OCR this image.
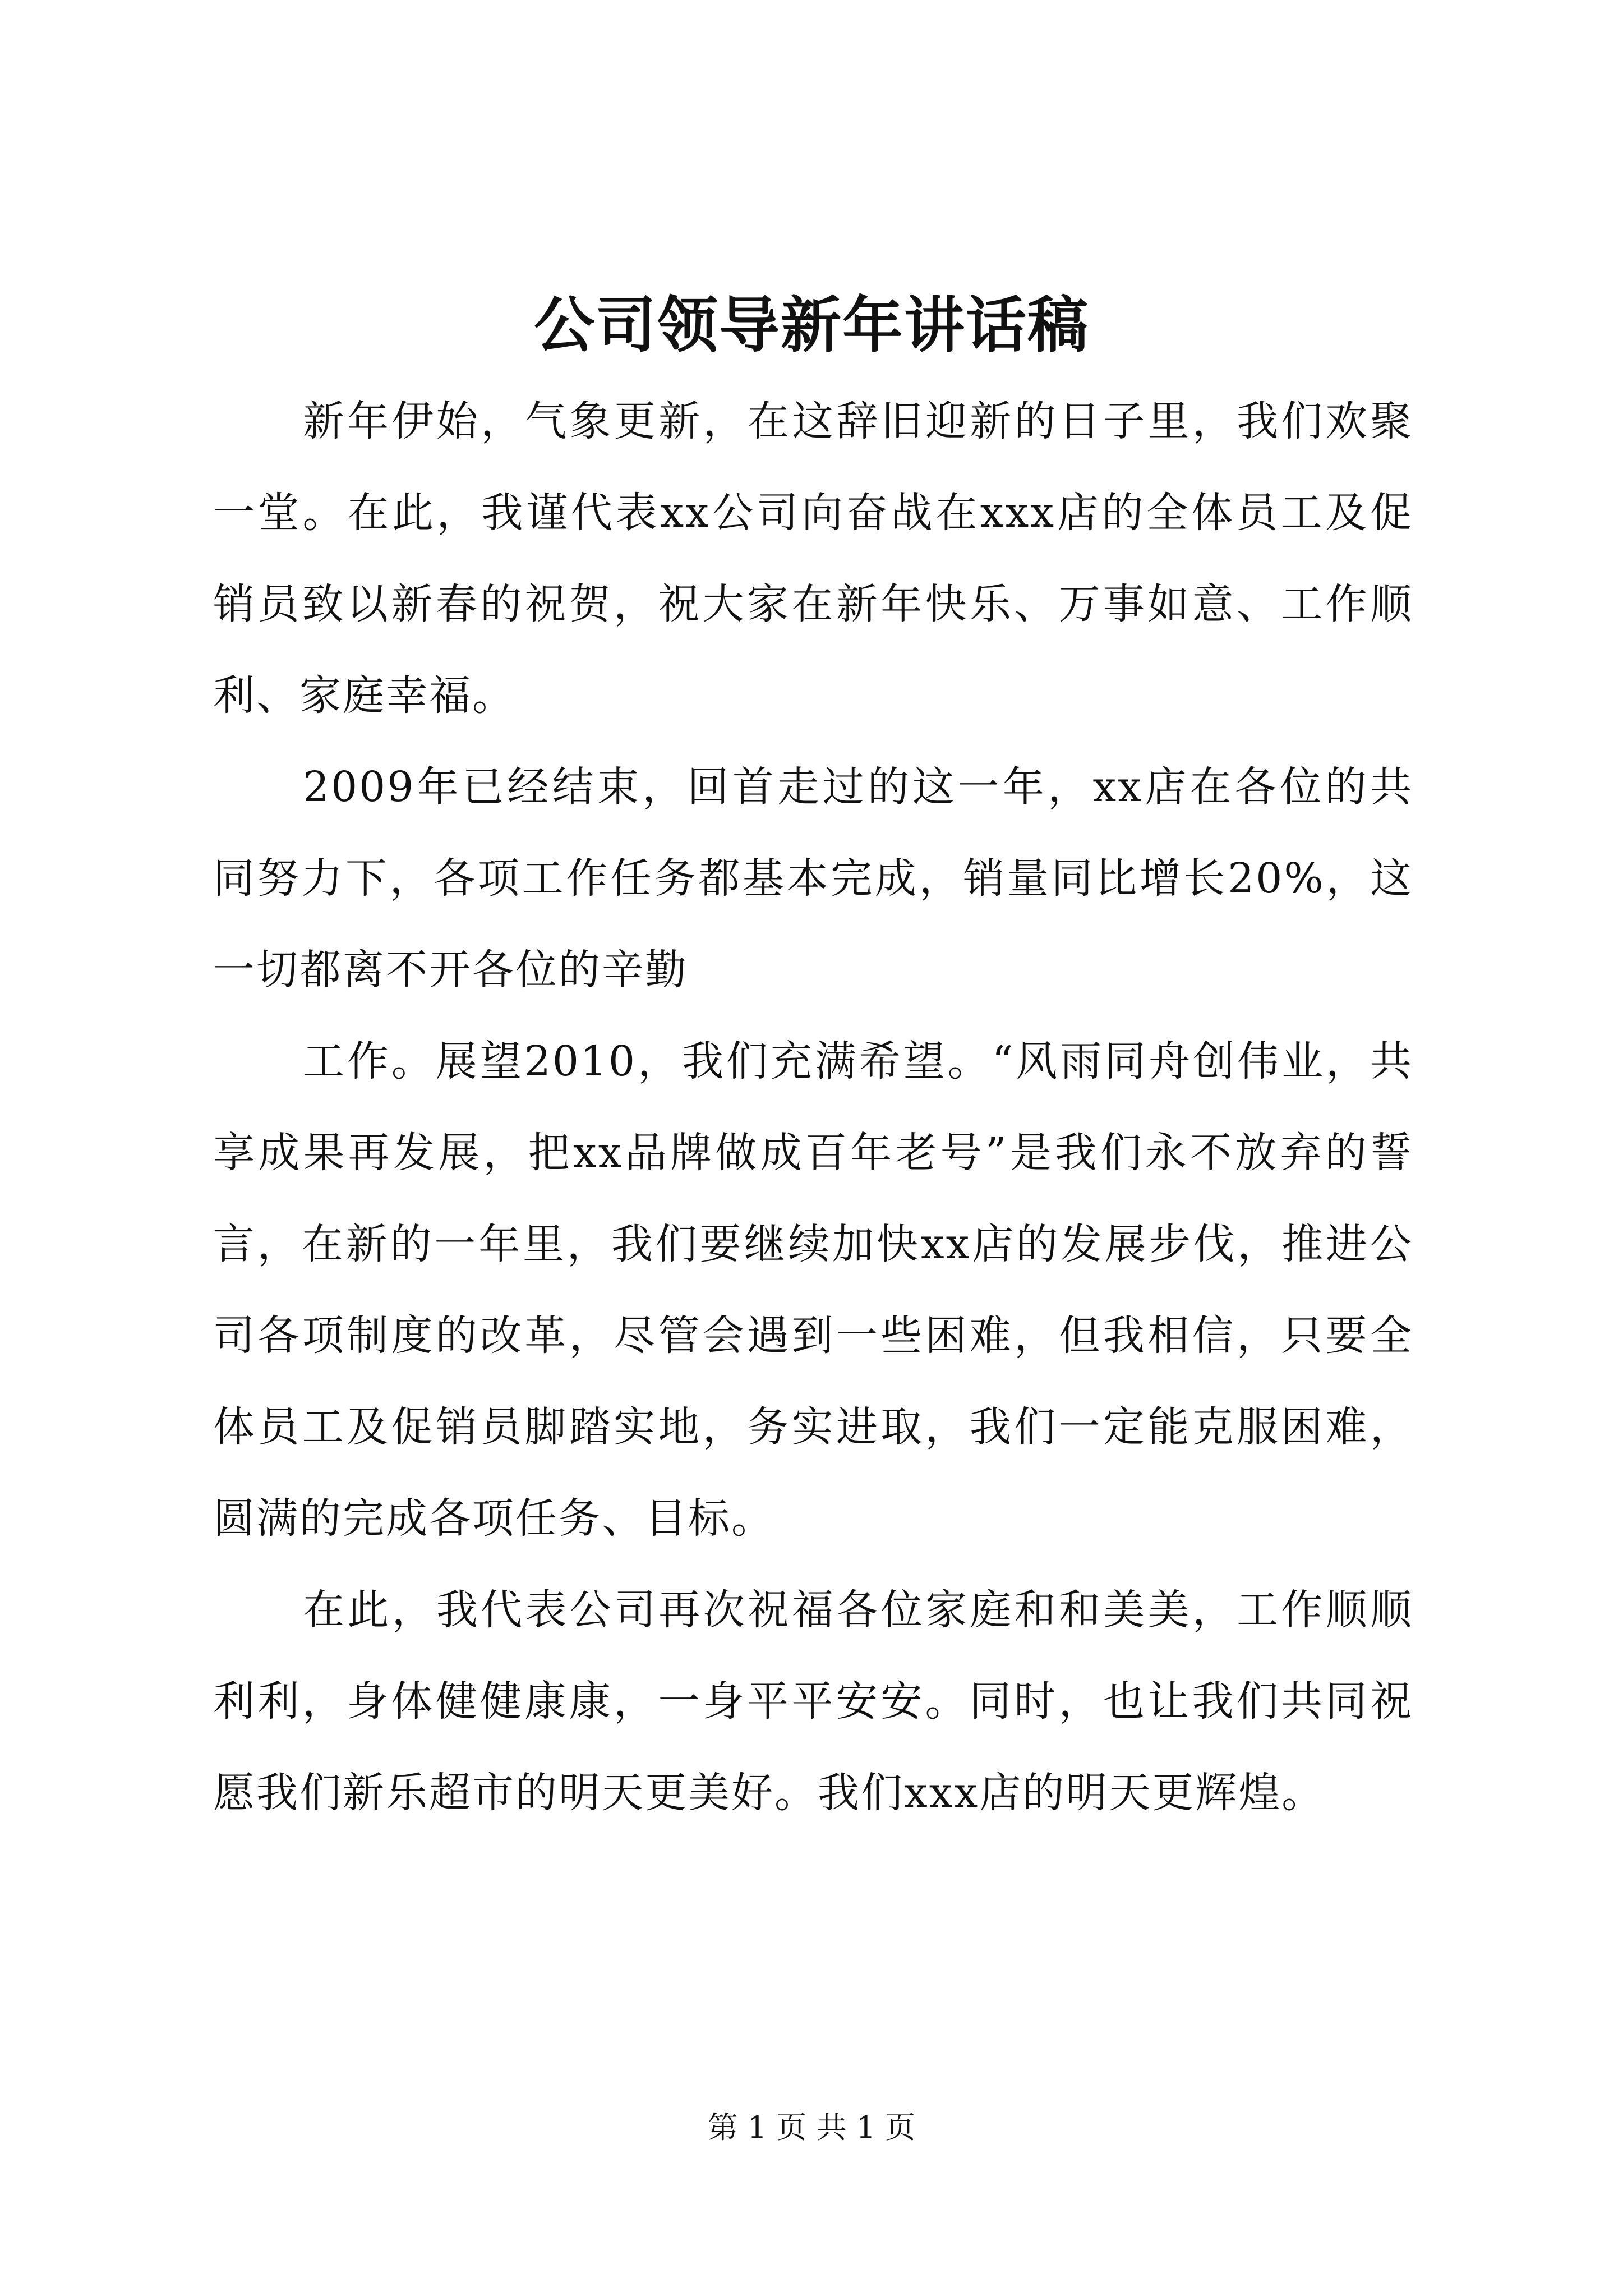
公司领导新年讲话稿

新年伊始，气象更新，在这辞旧迎新的日子里，我们欢聚一堂。在此，我谨代表xx公司向奋战在xxx店的全体员工及促销员致以新春的祝贺，祝大家在新年快乐、万事如意、工作顺利、家庭幸福。

2009年已经结束，回首走过的这一年，xx店在各位的共同努力下，各项工作任务都基本完成，销量同比增长20%，这一切都离不开各位的辛勤

工作。展望2010，我们充满希望。“风雨同舟创伟业，共享成果再发展，把xx品牌做成百年老号”是我们永不放弃的誓言，在新的一年里，我们要继续加快xx店的发展步伐，推进公司各项制度的改革，尽管会遇到一些困难，但我相信，只要全体员工及促销员脚踏实地，务实进取，我们一定能克服困难，圆满的完成各项任务、目标。

在此，我代表公司再次祝福各位家庭和和美美，工作顺顺利利，身体健健康康，一身平平安安。同时，也让我们共同祝愿我们新乐超市的明天更美好。我们xxx店的明天更辉煌。

第 1 页 共 1 页
